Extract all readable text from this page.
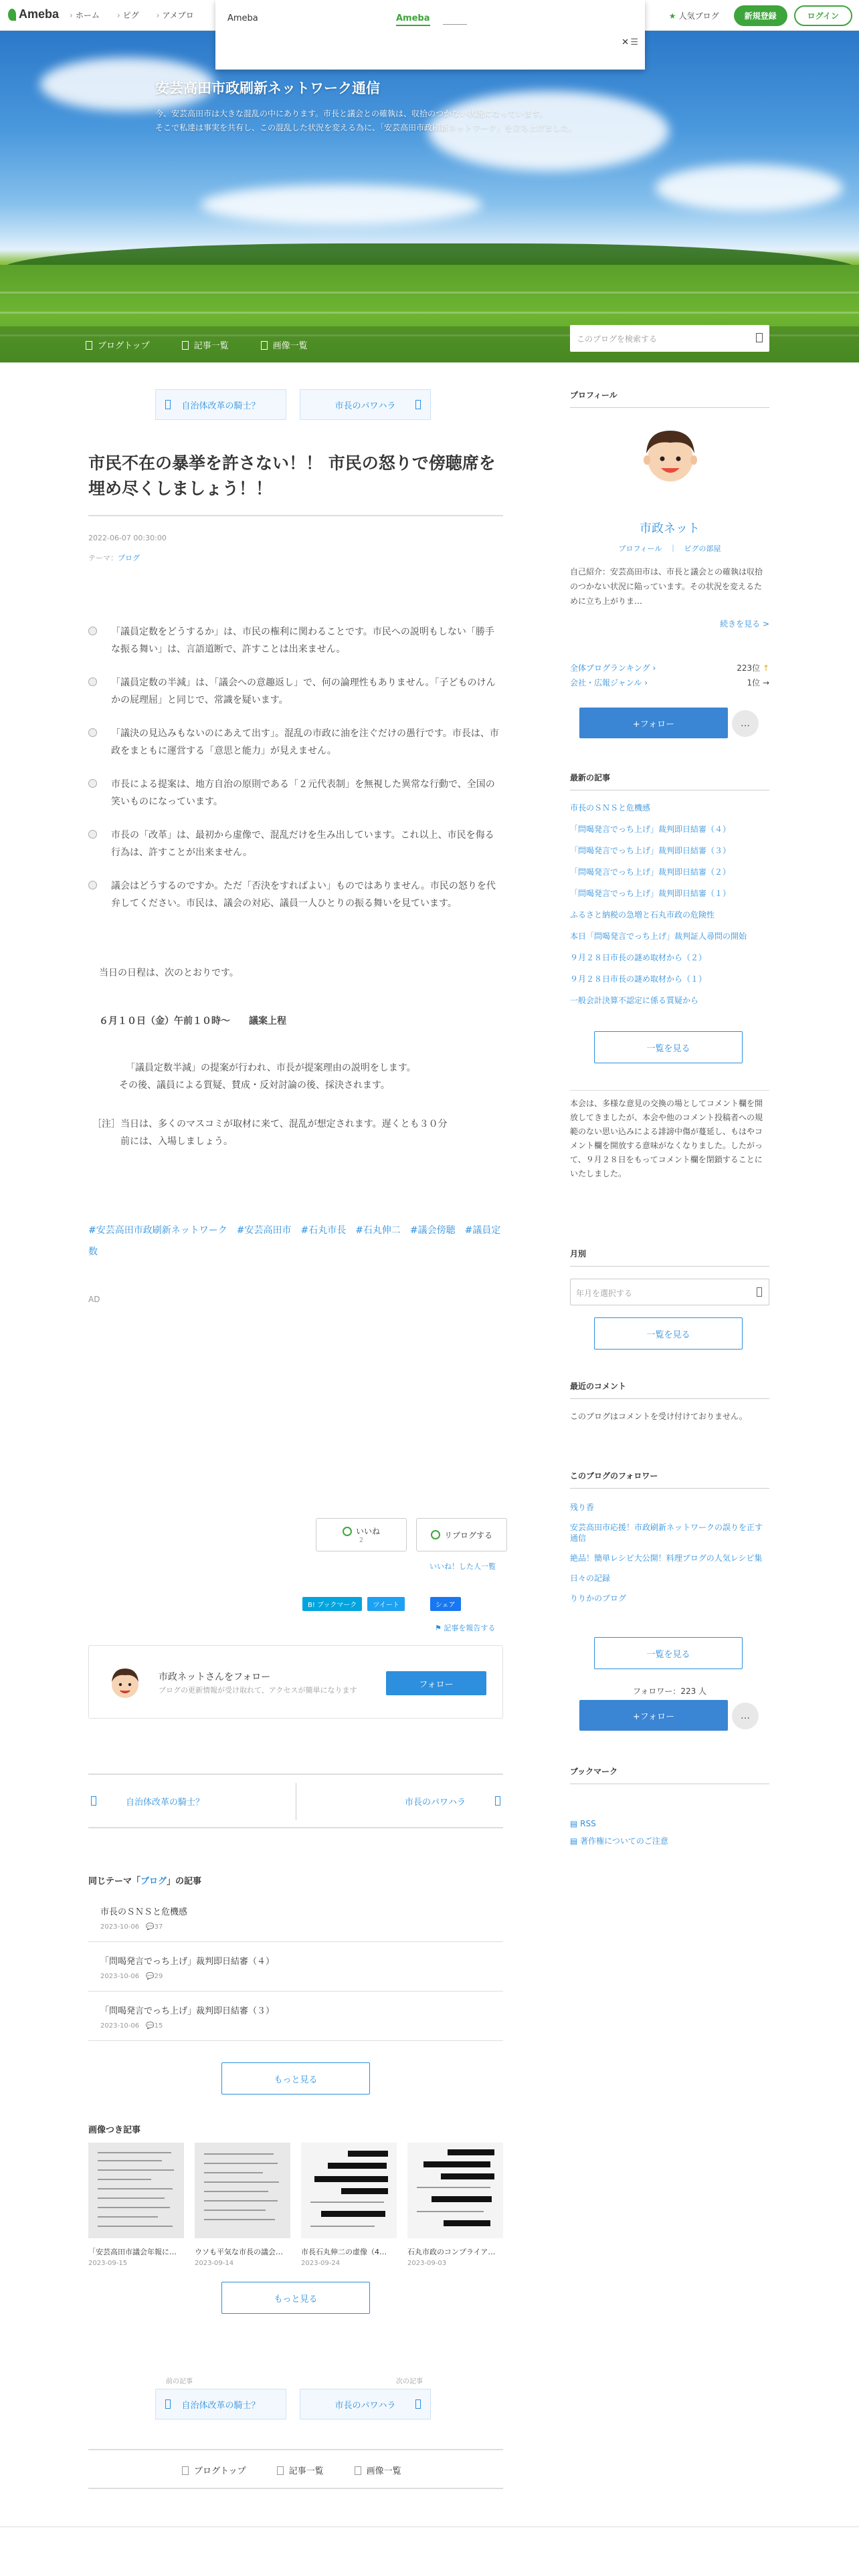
Ameba	› ホーム	› ピグ	› アメブロ	★ 人気ブログ	新規登録	ログイン
Ameba	Ameba
✕ ☰
安芸高田市政刷新ネットワーク通信
今、安芸高田市は大きな混乱の中にあります。市長と議会との確執は、収拾のつかない状況になっています。
そこで私達は事実を共有し、この混乱した状況を変える為に、「安芸高田市政刷新ネットワーク」を立ち上げました。
ブログトップ	記事一覧	画像一覧
このブログを検索する
自治体改革の騎士？	市長のパワハラ
市民不在の暴挙を許さない！！ 市民の怒りで傍聴席を埋め尽くしましょう！！
2022-06-07 00:30:00
テーマ：ブログ
「議員定数をどうするか」は、市民の権利に関わることです。市民への説明もしない「勝手な振る舞い」は、言語道断で、許すことは出来ません。
「議員定数の半減」は、「議会への意趣返し」で、何の論理性もありません。「子どものけんかの屁理屈」と同じで、常識を疑います。
「議決の見込みもないのにあえて出す」。混乱の市政に油を注ぐだけの愚行です。市長は、市政をまともに運営する「意思と能力」が見えません。
市長による提案は、地方自治の原則である「２元代表制」を無視した異常な行動で、全国の笑いものになっています。
市長の「改革」は、最初から虚像で、混乱だけを生み出しています。これ以上、市民を侮る行為は、許すことが出来ません。
議会はどうするのですか。ただ「否決をすればよい」ものではありません。市民の怒りを代弁してください。市民は、議会の対応、議員一人ひとりの振る舞いを見ています。
当日の日程は、次のとおりです。
６月１０日（金）午前１０時～　　議案上程
「議員定数半減」の提案が行われ、市長が提案理由の説明をします。
その後、議員による質疑、賛成・反対討論の後、採決されます。
［注］当日は、多くのマスコミが取材に来て、混乱が想定されます。遅くとも３０分
前には、入場しましょう。
#安芸高田市政刷新ネットワーク　#安芸高田市　#石丸市長　#石丸伸二　#議会傍聴　#議員定数
AD
いいね
2
リブログする
いいね！した人一覧
B! ブックマーク	ツイート	シェア
⚑ 記事を報告する
市政ネットさんをフォロー
ブログの更新情報が受け取れて、アクセスが簡単になります
フォロー
自治体改革の騎士？	市長のパワハラ
同じテーマ「ブログ」の記事
市長のＳＮＳと危機感
2023-10-06　💬37
「問喝発言でっち上げ」裁判即日結審（４）
2023-10-06　💬29
「問喝発言でっち上げ」裁判即日結審（３）
2023-10-06　💬15
もっと見る
画像つき記事
「安芸高田市議会年報に…
2023-09-15
ウソも平気な市長の議会…
2023-09-14
市長石丸伸二の虚像（4…
2023-09-24
石丸市政のコンプライア…
2023-09-03
もっと見る
前の記事	次の記事
自治体改革の騎士？	市長のパワハラ
ブログトップ	記事一覧	画像一覧
プロフィール
市政ネット
プロフィール　｜　ピグの部屋
自己紹介：安芸高田市は、市長と議会との確執は収拾のつかない状況に陥っています。その状況を変えるために立ち上がりま…
続きを見る >
全体ブログランキング ›	223位 ↑
会社・広報ジャンル ›	1位 →
+フォロー	…
最新の記事
市長のＳＮＳと危機感
「問喝発言でっち上げ」裁判即日結審（４）
「問喝発言でっち上げ」裁判即日結審（３）
「問喝発言でっち上げ」裁判即日結審（２）
「問喝発言でっち上げ」裁判即日結審（１）
ふるさと納税の急増と石丸市政の危険性
本日「問喝発言でっち上げ」裁判証人尋問の開始
９月２８日市長の謎め取材から（２）
９月２８日市長の謎め取材から（１）
一般会計決算不認定に係る質疑から
一覧を見る
本会は、多様な意見の交換の場としてコメント欄を開放してきましたが、本会や他のコメント投稿者への規範のない思い込みによる誹謗中傷が蔓延し、もはやコメント欄を開放する意味がなくなりました。したがって、９月２８日をもってコメント欄を閉鎖することにいたしました。
月別
年月を選択する
一覧を見る
最近のコメント
このブログはコメントを受け付けておりません。
このブログのフォロワー
残り香
安芸高田市応援！市政刷新ネットワークの誤りを正す通信
絶品！簡単レシピ大公開！料理ブログの人気レシピ集
日々の記録
りりかのブログ
一覧を見る
フォロワー：223 人
+フォロー	…
ブックマーク
▤ RSS
▤ 著作権についてのご注意
